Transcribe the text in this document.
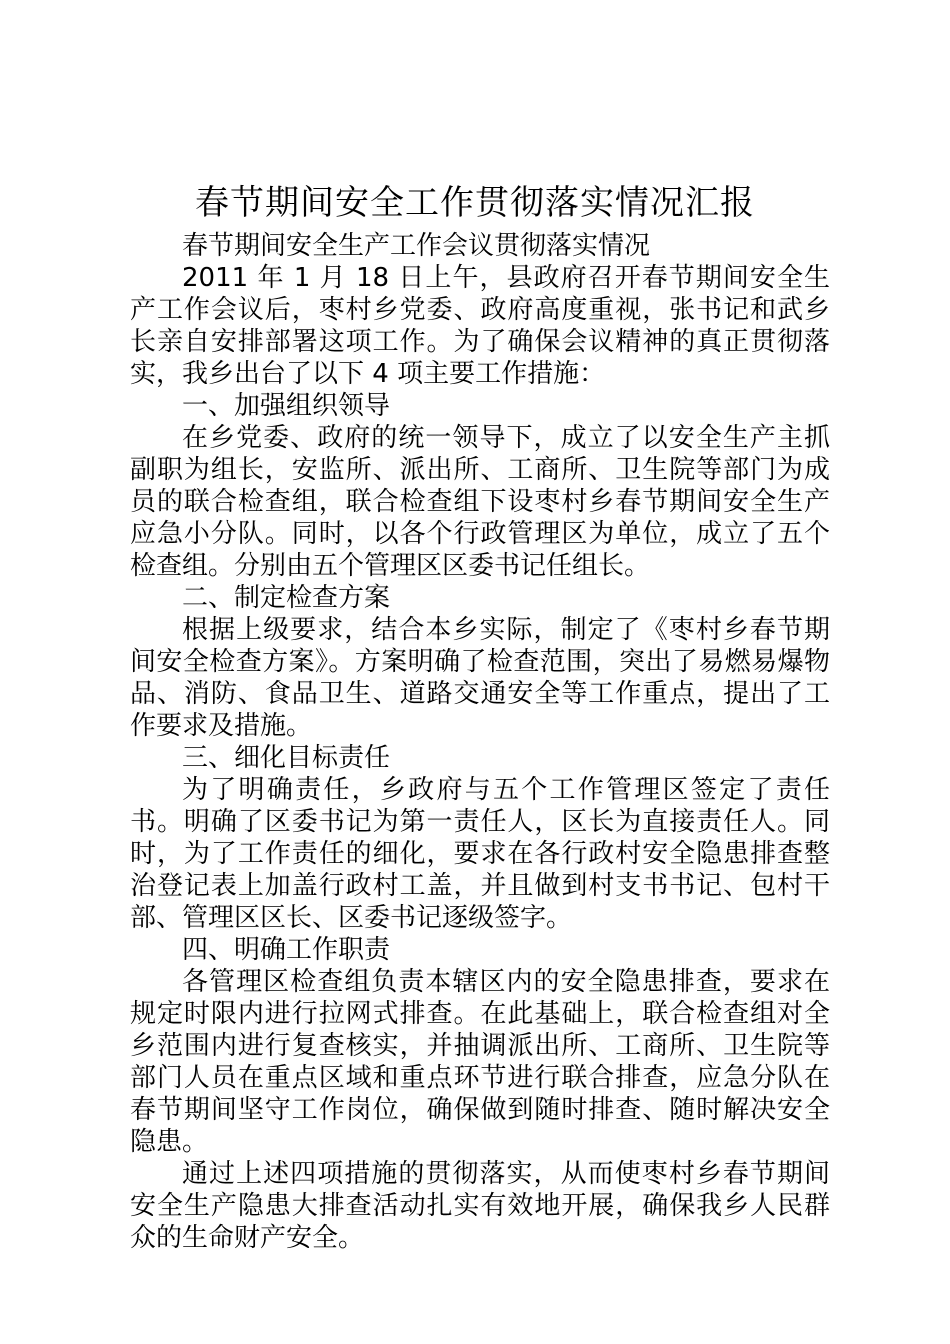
春节期间安全工作贯彻落实情况汇报

春节期间安全生产工作会议贯彻落实情况

2011 年 1 月 18 日上午，县政府召开春节期间安全生产工作会议后，枣村乡党委、政府高度重视，张书记和武乡长亲自安排部署这项工作。为了确保会议精神的真正贯彻落实，我乡出台了以下 4 项主要工作措施：

一、加强组织领导

在乡党委、政府的统一领导下，成立了以安全生产主抓副职为组长，安监所、派出所、工商所、卫生院等部门为成员的联合检查组，联合检查组下设枣村乡春节期间安全生产应急小分队。同时，以各个行政管理区为单位，成立了五个检查组。分别由五个管理区区委书记任组长。

二、制定检查方案

根据上级要求，结合本乡实际，制定了《枣村乡春节期间安全检查方案》。方案明确了检查范围，突出了易燃易爆物品、消防、食品卫生、道路交通安全等工作重点，提出了工作要求及措施。

三、细化目标责任

为了明确责任，乡政府与五个工作管理区签定了责任书。明确了区委书记为第一责任人，区长为直接责任人。同时，为了工作责任的细化，要求在各行政村安全隐患排查整治登记表上加盖行政村工盖，并且做到村支书书记、包村干部、管理区区长、区委书记逐级签字。

四、明确工作职责

各管理区检查组负责本辖区内的安全隐患排查，要求在规定时限内进行拉网式排查。在此基础上，联合检查组对全乡范围内进行复查核实，并抽调派出所、工商所、卫生院等部门人员在重点区域和重点环节进行联合排查，应急分队在春节期间坚守工作岗位，确保做到随时排查、随时解决安全隐患。

通过上述四项措施的贯彻落实，从而使枣村乡春节期间安全生产隐患大排查活动扎实有效地开展，确保我乡人民群众的生命财产安全。
